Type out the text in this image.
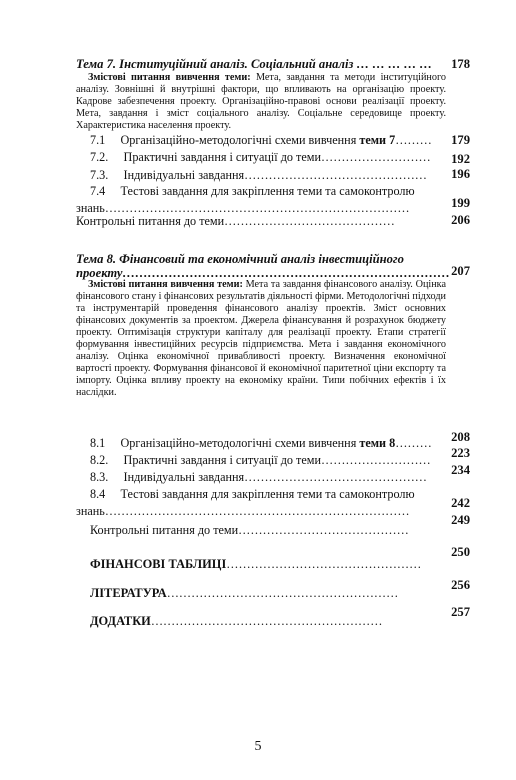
Тема 7. Інституційний аналіз. Соціальний аналіз … … … … … 178
Змістові питання вивчення теми: Мета, завдання та методи інституційного аналізу. Зовнішні й внутрішні фактори, що впливають на організацію проекту. Кадрове забезпечення проекту. Організаційно-правові основи реалізації проекту. Мета, завдання і зміст соціального аналізу. Соціальне середовище проекту. Характеристика населення проекту.
7.1 Організаційно-методологічні схеми вивчення теми 7……… 179
7.2. Практичні завдання і ситуації до теми……………………… 192
7.3. Індивідуальні завдання……………………………………… 196
7.4 Тестові завдання для закріплення теми та самоконтролю
знань…………………………………………………………………	199
Контрольні питання до теми……………………………………	206
Тема 8. Фінансовий та економічний аналіз інвестиційного
проекту…………………………………………………………………… 207
Змістові питання вивчення теми: Мета та завдання фінансового аналізу. Оцінка фінансового стану і фінансових результатів діяльності фірми. Методологічні підходи та інструментарій проведення фінансового аналізу проектів. Зміст основних фінансових документів за проектом. Джерела фінансування й розрахунок бюджету проекту. Оптимізація структури капіталу для реалізації проекту. Етапи стратегії формування інвестиційних ресурсів підприємства. Мета і завдання економічного аналізу. Оцінка економічної привабливості проекту. Визначення економічної вартості проекту. Формування фінансової й економічної паритетної ціни експорту та імпорту. Оцінка впливу проекту на економіку країни. Типи побічних ефектів і їх наслідки.
8.1 Організаційно-методологічні схеми вивчення теми 8……… 208
8.2. Практичні завдання і ситуації до теми……………………… 223
8.3. Індивідуальні завдання……………………………………… 234
8.4 Тестові завдання для закріплення теми та самоконтролю
знань…………………………………………………………………
242
Контрольні питання до теми……………………………………
249
ФІНАНСОВІ ТАБЛИЦІ…………………………………………
250
ЛІТЕРАТУРА…………………………………………………
256
ДОДАТКИ…………………………………………………
257
5
